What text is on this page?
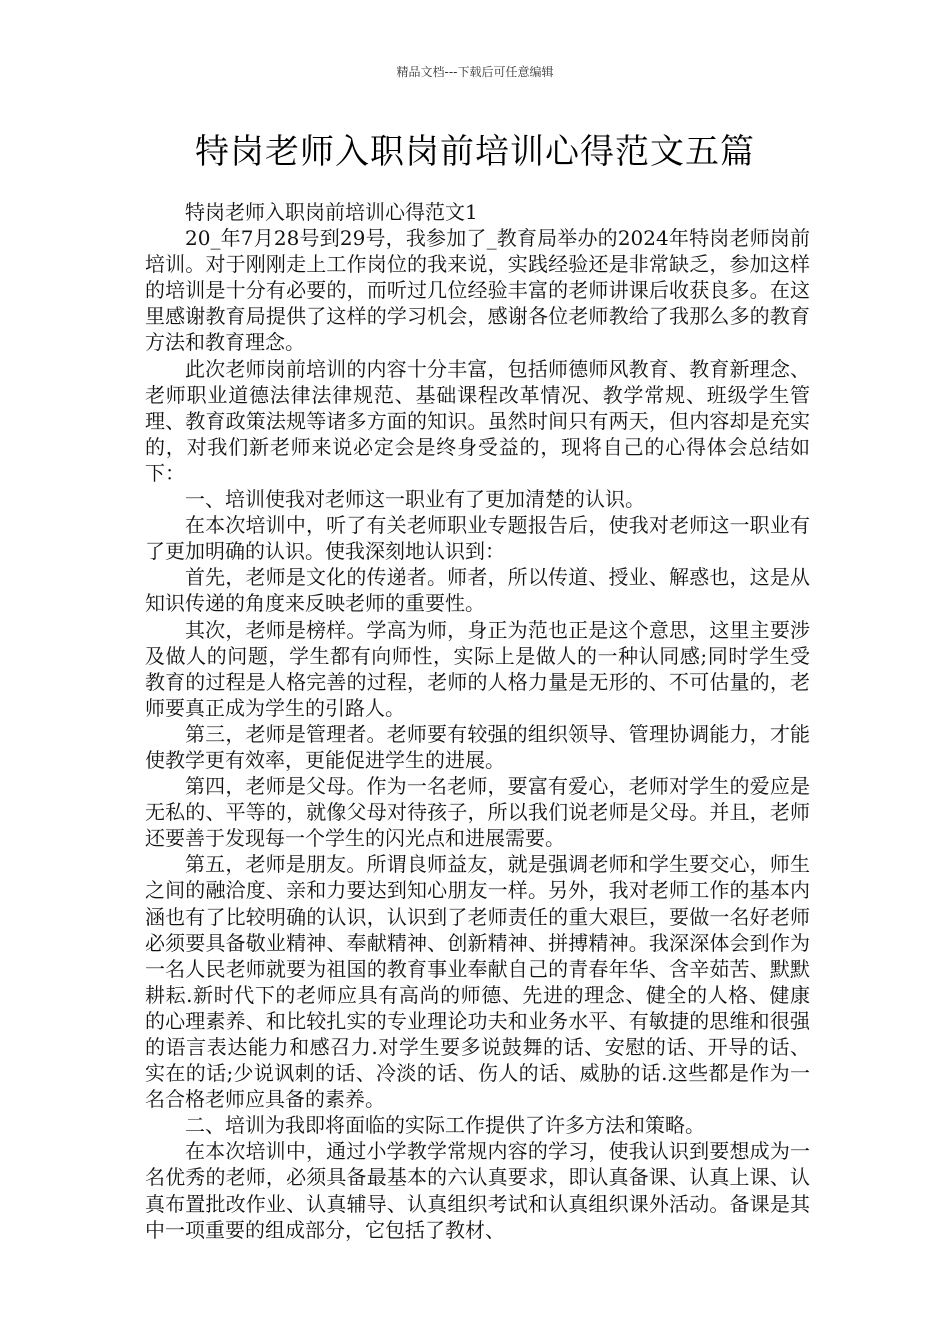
精品文档---下载后可任意编辑
特岗老师入职岗前培训心得范文五篇

特岗老师入职岗前培训心得范文1

20_年7月28号到29号，我参加了_教育局举办的2024年特岗老师岗前培训。对于刚刚走上工作岗位的我来说，实践经验还是非常缺乏，参加这样的培训是十分有必要的，而听过几位经验丰富的老师讲课后收获良多。在这里感谢教育局提供了这样的学习机会，感谢各位老师教给了我那么多的教育方法和教育理念。

此次老师岗前培训的内容十分丰富，包括师德师风教育、教育新理念、老师职业道德法律法律规范、基础课程改革情况、教学常规、班级学生管理、教育政策法规等诸多方面的知识。虽然时间只有两天，但内容却是充实的，对我们新老师来说必定会是终身受益的，现将自己的心得体会总结如下：

一、培训使我对老师这一职业有了更加清楚的认识。

在本次培训中，听了有关老师职业专题报告后，使我对老师这一职业有了更加明确的认识。使我深刻地认识到：

首先，老师是文化的传递者。师者，所以传道、授业、解惑也，这是从知识传递的角度来反映老师的重要性。

其次，老师是榜样。学高为师，身正为范也正是这个意思，这里主要涉及做人的问题，学生都有向师性，实际上是做人的一种认同感;同时学生受教育的过程是人格完善的过程，老师的人格力量是无形的、不可估量的，老师要真正成为学生的引路人。

第三，老师是管理者。老师要有较强的组织领导、管理协调能力，才能使教学更有效率，更能促进学生的进展。

第四，老师是父母。作为一名老师，要富有爱心，老师对学生的爱应是无私的、平等的，就像父母对待孩子，所以我们说老师是父母。并且，老师还要善于发现每一个学生的闪光点和进展需要。

第五，老师是朋友。所谓良师益友，就是强调老师和学生要交心，师生之间的融洽度、亲和力要达到知心朋友一样。另外，我对老师工作的基本内涵也有了比较明确的认识，认识到了老师责任的重大艰巨，要做一名好老师必须要具备敬业精神、奉献精神、创新精神、拼搏精神。我深深体会到作为一名人民老师就要为祖国的教育事业奉献自己的青春年华、含辛茹苦、默默耕耘.新时代下的老师应具有高尚的师德、先进的理念、健全的人格、健康的心理素养、和比较扎实的专业理论功夫和业务水平、有敏捷的思维和很强的语言表达能力和感召力.对学生要多说鼓舞的话、安慰的话、开导的话、实在的话;少说讽刺的话、冷淡的话、伤人的话、威胁的话.这些都是作为一名合格老师应具备的素养。

二、培训为我即将面临的实际工作提供了许多方法和策略。

在本次培训中，通过小学教学常规内容的学习，使我认识到要想成为一名优秀的老师，必须具备最基本的六认真要求，即认真备课、认真上课、认真布置批改作业、认真辅导、认真组织考试和认真组织课外活动。备课是其中一项重要的组成部分，它包括了教材、
